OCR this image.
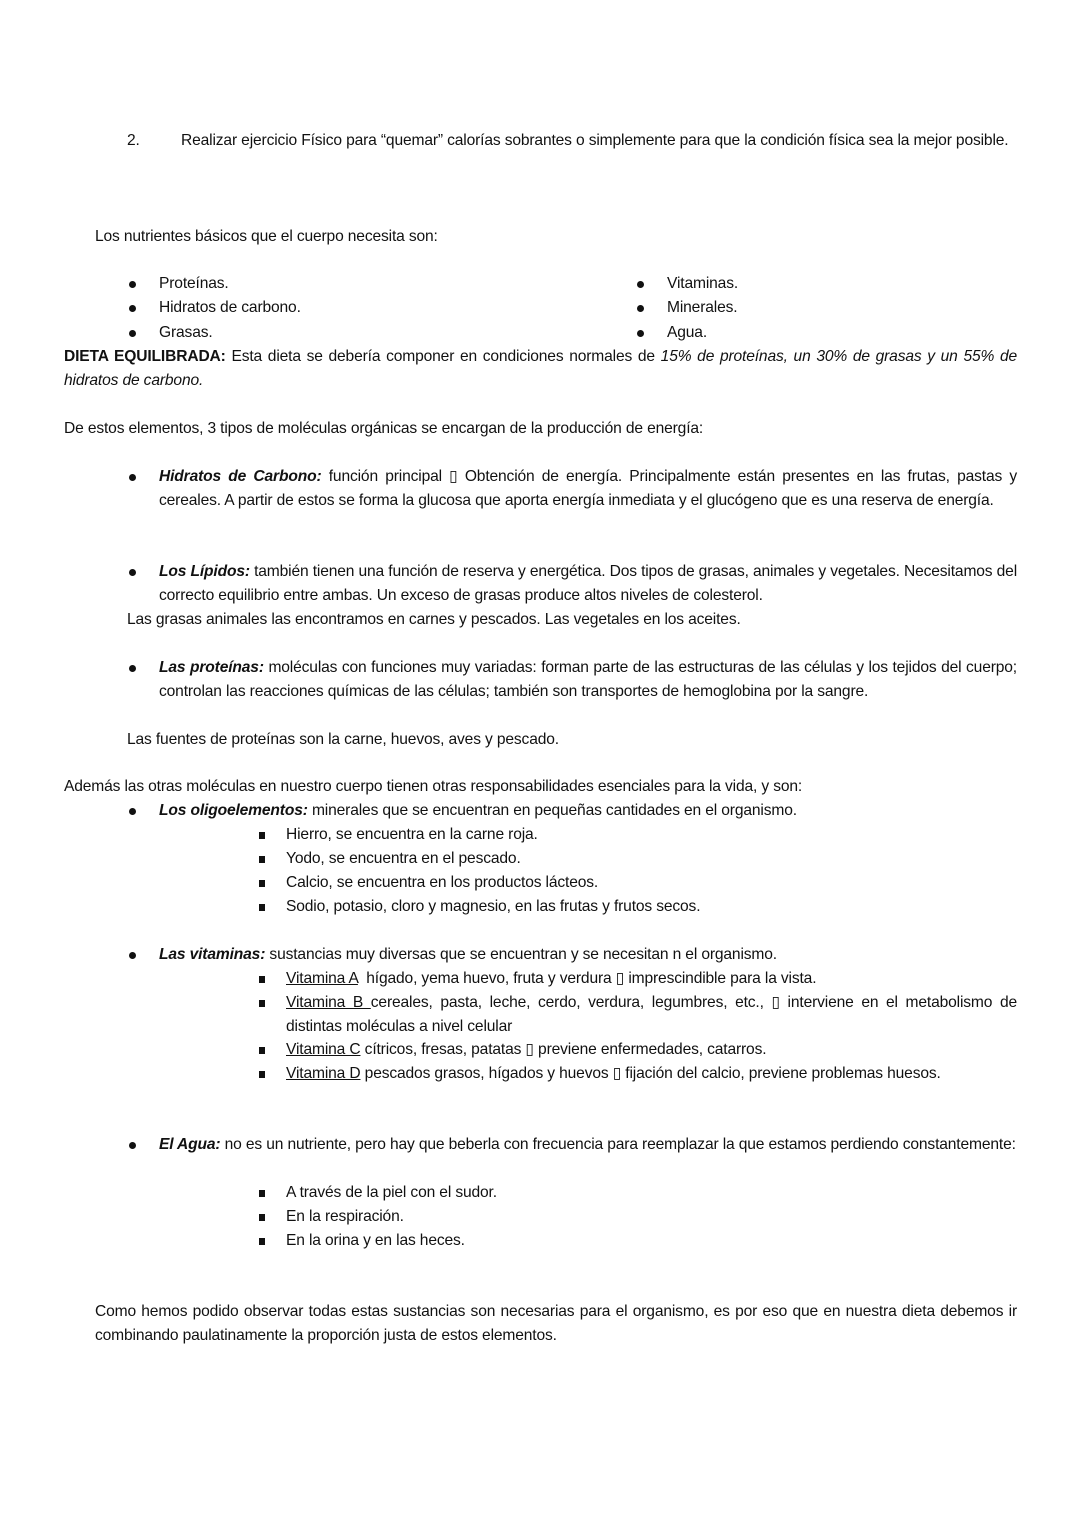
2.	Realizar ejercicio Físico para “quemar” calorías sobrantes o simplemente para que la condición física sea la mejor posible.
Los nutrientes básicos que el cuerpo necesita son:
Proteínas.
Hidratos de carbono.
Grasas.
Vitaminas.
Minerales.
Agua.
DIETA EQUILIBRADA: Esta dieta se debería componer en condiciones normales de 15% de proteínas, un 30% de grasas y un 55% de hidratos de carbono.
De estos elementos, 3 tipos de moléculas orgánicas se encargan de la producción de energía:
Hidratos de Carbono: función principal ▯ Obtención de energía. Principalmente están presentes en las frutas, pastas y cereales. A partir de estos se forma la glucosa que aporta energía inmediata y el glucógeno que es una reserva de energía.
Los Lípidos: también tienen una función de reserva y energética. Dos tipos de grasas, animales y vegetales. Necesitamos del correcto equilibrio entre ambas. Un exceso de grasas produce altos niveles de colesterol.
Las grasas animales las encontramos en carnes y pescados. Las vegetales en los aceites.
Las proteínas: moléculas con funciones muy variadas: forman parte de las estructuras de las células y los tejidos del cuerpo; controlan las reacciones químicas de las células; también son transportes de hemoglobina por la sangre.
Las fuentes de proteínas son la carne, huevos, aves y pescado.
Además las otras moléculas en nuestro cuerpo tienen otras responsabilidades esenciales para la vida, y son:
Los oligoelementos: minerales que se encuentran en pequeñas cantidades en el organismo.
Hierro, se encuentra en la carne roja.
Yodo, se encuentra en el pescado.
Calcio, se encuentra en los productos lácteos.
Sodio, potasio, cloro y magnesio, en las frutas y frutos secos.
Las vitaminas: sustancias muy diversas que se encuentran y se necesitan n el organismo.
Vitamina A  hígado, yema huevo, fruta y verdura ▯ imprescindible para la vista.
Vitamina B cereales, pasta, leche, cerdo, verdura, legumbres, etc., ▯ interviene en el metabolismo de distintas moléculas a nivel celular
Vitamina C cítricos, fresas, patatas ▯ previene enfermedades, catarros.
Vitamina D pescados grasos, hígados y huevos ▯ fijación del calcio, previene problemas huesos.
El Agua: no es un nutriente, pero hay que beberla con frecuencia para reemplazar la que estamos perdiendo constantemente:
A través de la piel con el sudor.
En la respiración.
En la orina y en las heces.
Como hemos podido observar todas estas sustancias son necesarias para el organismo, es por eso que en nuestra dieta debemos ir combinando paulatinamente la proporción justa de estos elementos.
